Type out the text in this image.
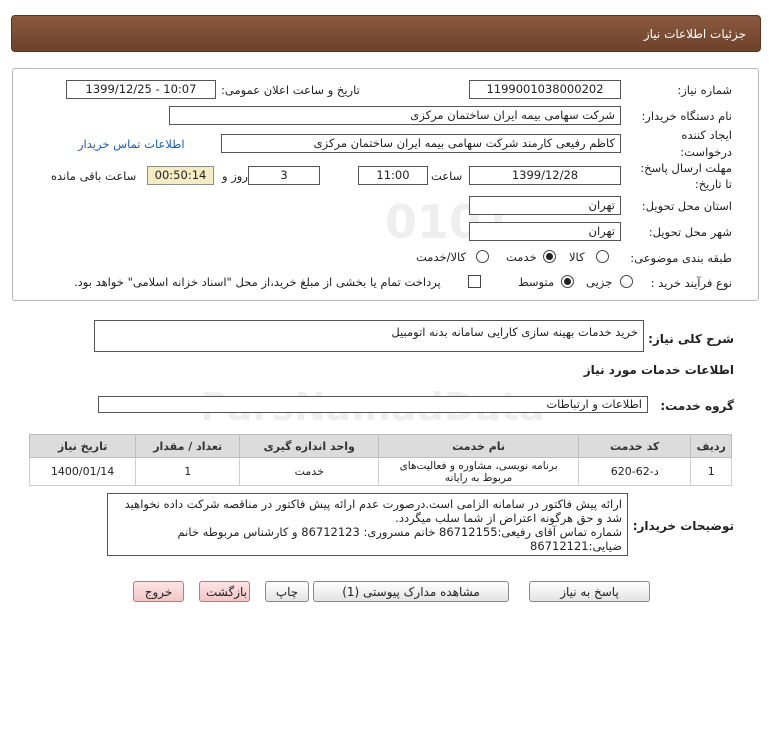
جزئیات اطلاعات نیاز
شماره نیاز:
1199001038000202
تاریخ و ساعت اعلان عمومی:
1399/12/25 - 10:07
نام دستگاه خریدار:
شرکت سهامی بیمه ایران ساختمان مرکزی
ایجاد کننده
درخواست:
کاظم رفیعی کارمند شرکت سهامی بیمه ایران ساختمان مرکزی
اطلاعات تماس خریدار
مهلت ارسال پاسخ:
تا تاریخ:
1399/12/28
ساعت
11:00
3
روز و
00:50:14
ساعت باقی مانده
استان محل تحویل:
تهران
شهر محل تحویل:
تهران
طبقه بندی موضوعی:
کالا
خدمت
کالا/خدمت
نوع فرآیند خرید :
جزیی
متوسط
پرداخت تمام یا بخشی از مبلغ خرید،از محل "اسناد خزانه اسلامی" خواهد بود.
شرح کلی نیاز:
خرید خدمات بهینه سازی کارایی سامانه بدنه اتومبیل
اطلاعات خدمات مورد نیاز
گروه خدمت:
اطلاعات و ارتباطات
ردیف	کد خدمت	نام خدمت	واحد اندازه گیری	تعداد / مقدار	تاریخ نیاز
1	د-62-620	برنامه نویسی، مشاوره و فعالیت‌های مربوط به رایانه	خدمت	1	1400/01/14
توضیحات خریدار:
ارائه پیش فاکتور در سامانه الزامی است.درصورت عدم ارائه پیش فاکتور در مناقصه شرکت داده نخواهید شد و حق هرگونه اعتراض از شما سلب میگردد.
شماره تماس آقای رفیعی:86712155 خانم مسروری: 86712123 و کارشناس مربوطه خانم ضیایی:86712121
پاسخ به نیاز
مشاهده مدارک پیوستی (1)
چاپ
بازگشت
خروج
